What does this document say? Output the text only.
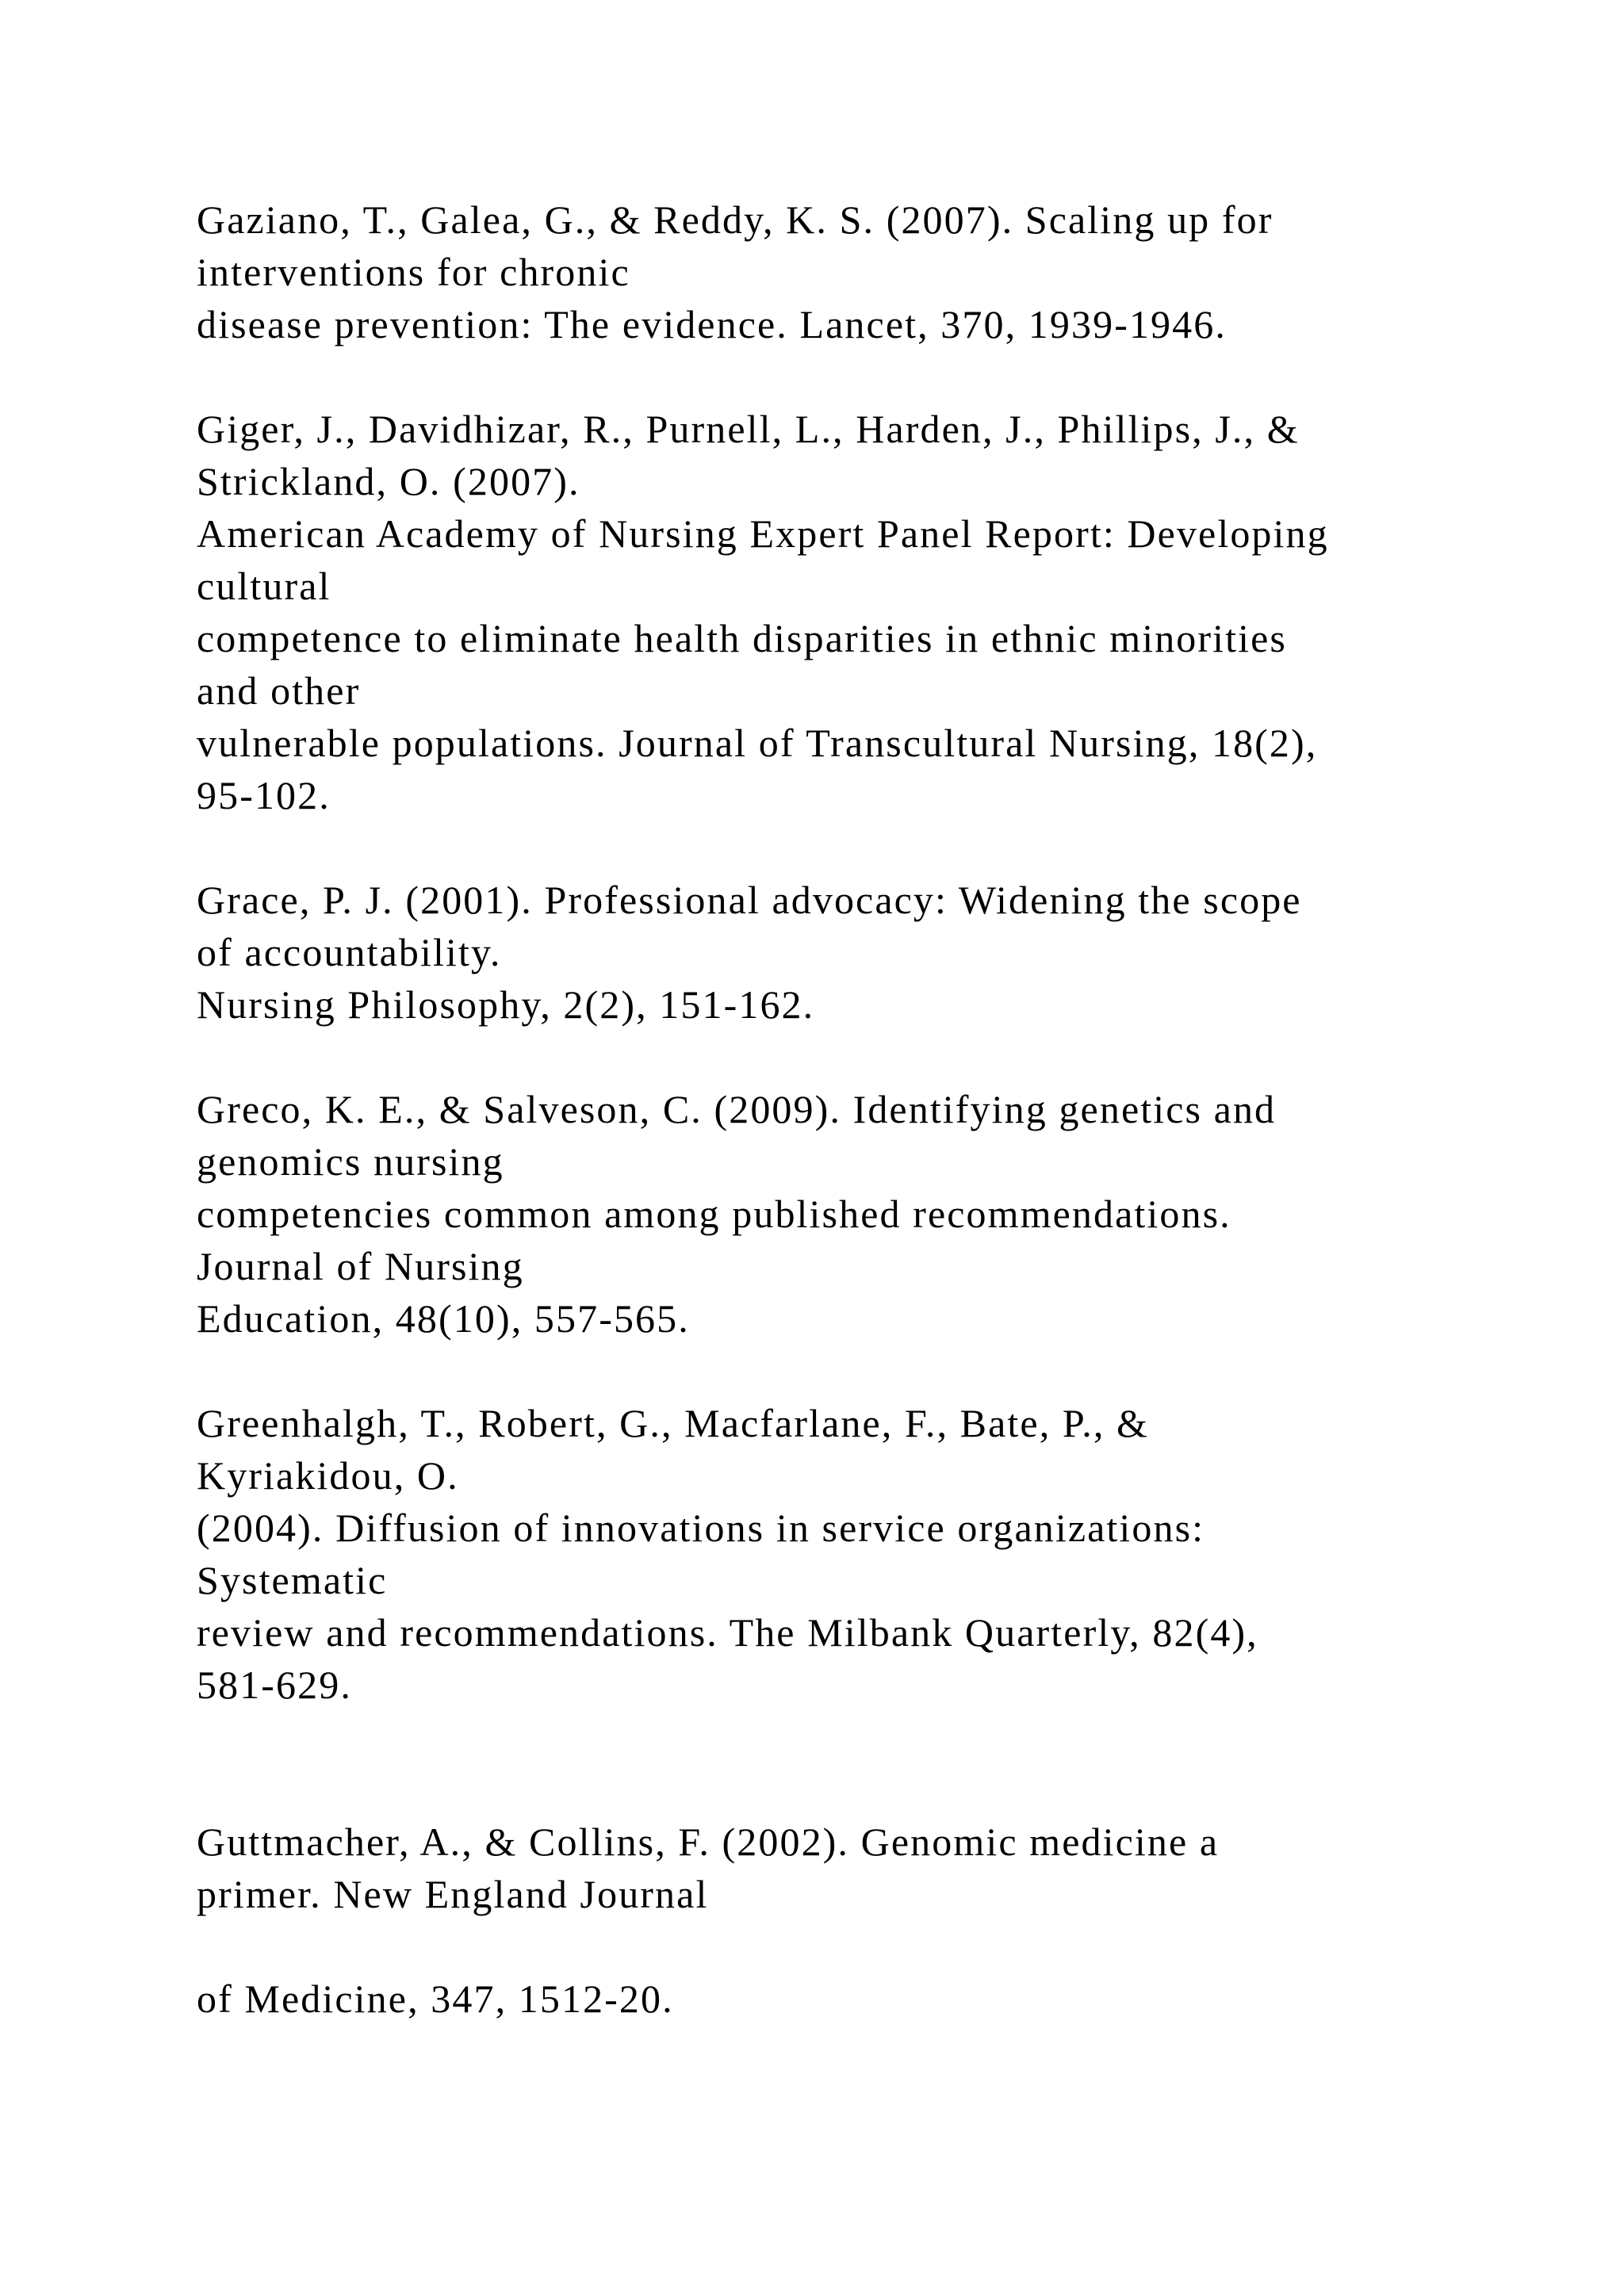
Gaziano, T., Galea, G., & Reddy, K. S. (2007). Scaling up for
interventions for chronic
disease prevention: The evidence. Lancet, 370, 1939-1946.
Giger, J., Davidhizar, R., Purnell, L., Harden, J., Phillips, J., &
Strickland, O. (2007).
American Academy of Nursing Expert Panel Report: Developing
cultural
competence to eliminate health disparities in ethnic minorities
and other
vulnerable populations. Journal of Transcultural Nursing, 18(2),
95-102.
Grace, P. J. (2001). Professional advocacy: Widening the scope
of accountability.
Nursing Philosophy, 2(2), 151-162.
Greco, K. E., & Salveson, C. (2009). Identifying genetics and
genomics nursing
competencies common among published recommendations.
Journal of Nursing
Education, 48(10), 557-565.
Greenhalgh, T., Robert, G., Macfarlane, F., Bate, P., &
Kyriakidou, O.
(2004). Diffusion of innovations in service organizations:
Systematic
review and recommendations. The Milbank Quarterly, 82(4),
581-629.
Guttmacher, A., & Collins, F. (2002). Genomic medicine a
primer. New England Journal
of Medicine, 347, 1512-20.
